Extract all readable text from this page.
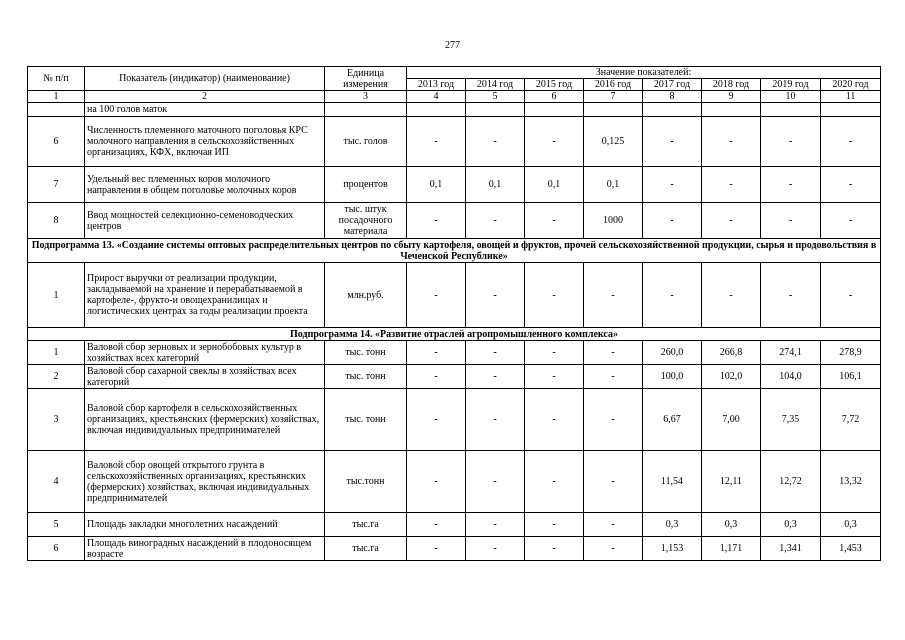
277
№ п/п	Показатель (индикатор) (наименование)	Единица измерения	Значение показателей:							
			2013 год	2014 год	2015 год	2016 год	2017 год	2018 год	2019 год	2020 год
1	2	3	4	5	6	7	8	9	10	11
	на 100 голов маток									
6	Численность племенного маточного поголовья КРС молочного направления в сельскохозяйственных организациях, КФХ, включая ИП	тыс. голов	-	-	-	0,125	-	-	-	-
7	Удельный вес племенных коров молочного направления в общем поголовье молочных коров	процентов	0,1	0,1	0,1	0,1	-	-	-	-
8	Ввод мощностей селекционно-семеноводческих центров	тыс. штук посадочного материала	-	-	-	1000	-	-	-	-
Подпрограмма 13. «Создание системы оптовых распределительных центров по сбыту картофеля, овощей и фруктов, прочей сельскохозяйственной продукции, сырья и продовольствия в Чеченской Республике»										
1	Прирост выручки от реализации продукции, закладываемой на хранение и перерабатываемой в картофеле-, фрукто-и овощехранилищах и логистических центрах за годы реализации проекта	млн.руб.	-	-	-	-	-	-	-	-
Подпрограмма 14. «Развитие отраслей агропромышленного комплекса»										
1	Валовой сбор зерновых и зернобобовых культур в хозяйствах всех категорий	тыс. тонн	-	-	-	-	260,0	266,8	274,1	278,9
2	Валовой сбор сахарной свеклы в хозяйствах всех категорий	тыс. тонн	-	-	-	-	100,0	102,0	104,0	106,1
3	Валовой сбор картофеля в сельскохозяйственных организациях, крестьянских (фермерских) хозяйствах, включая индивидуальных предпринимателей	тыс. тонн	-	-	-	-	6,67	7,00	7,35	7,72
4	Валовой сбор овощей открытого грунта в сельскохозяйственных организациях, крестьянских (фермерских) хозяйствах, включая индивидуальных предпринимателей	тыс.тонн	-	-	-	-	11,54	12,11	12,72	13,32
5	Площадь закладки многолетних насаждений	тыс.га	-	-	-	-	0,3	0,3	0,3	0,3
6	Площадь виноградных насаждений в плодоносящем возрасте	тыс.га	-	-	-	-	1,153	1,171	1,341	1,453
